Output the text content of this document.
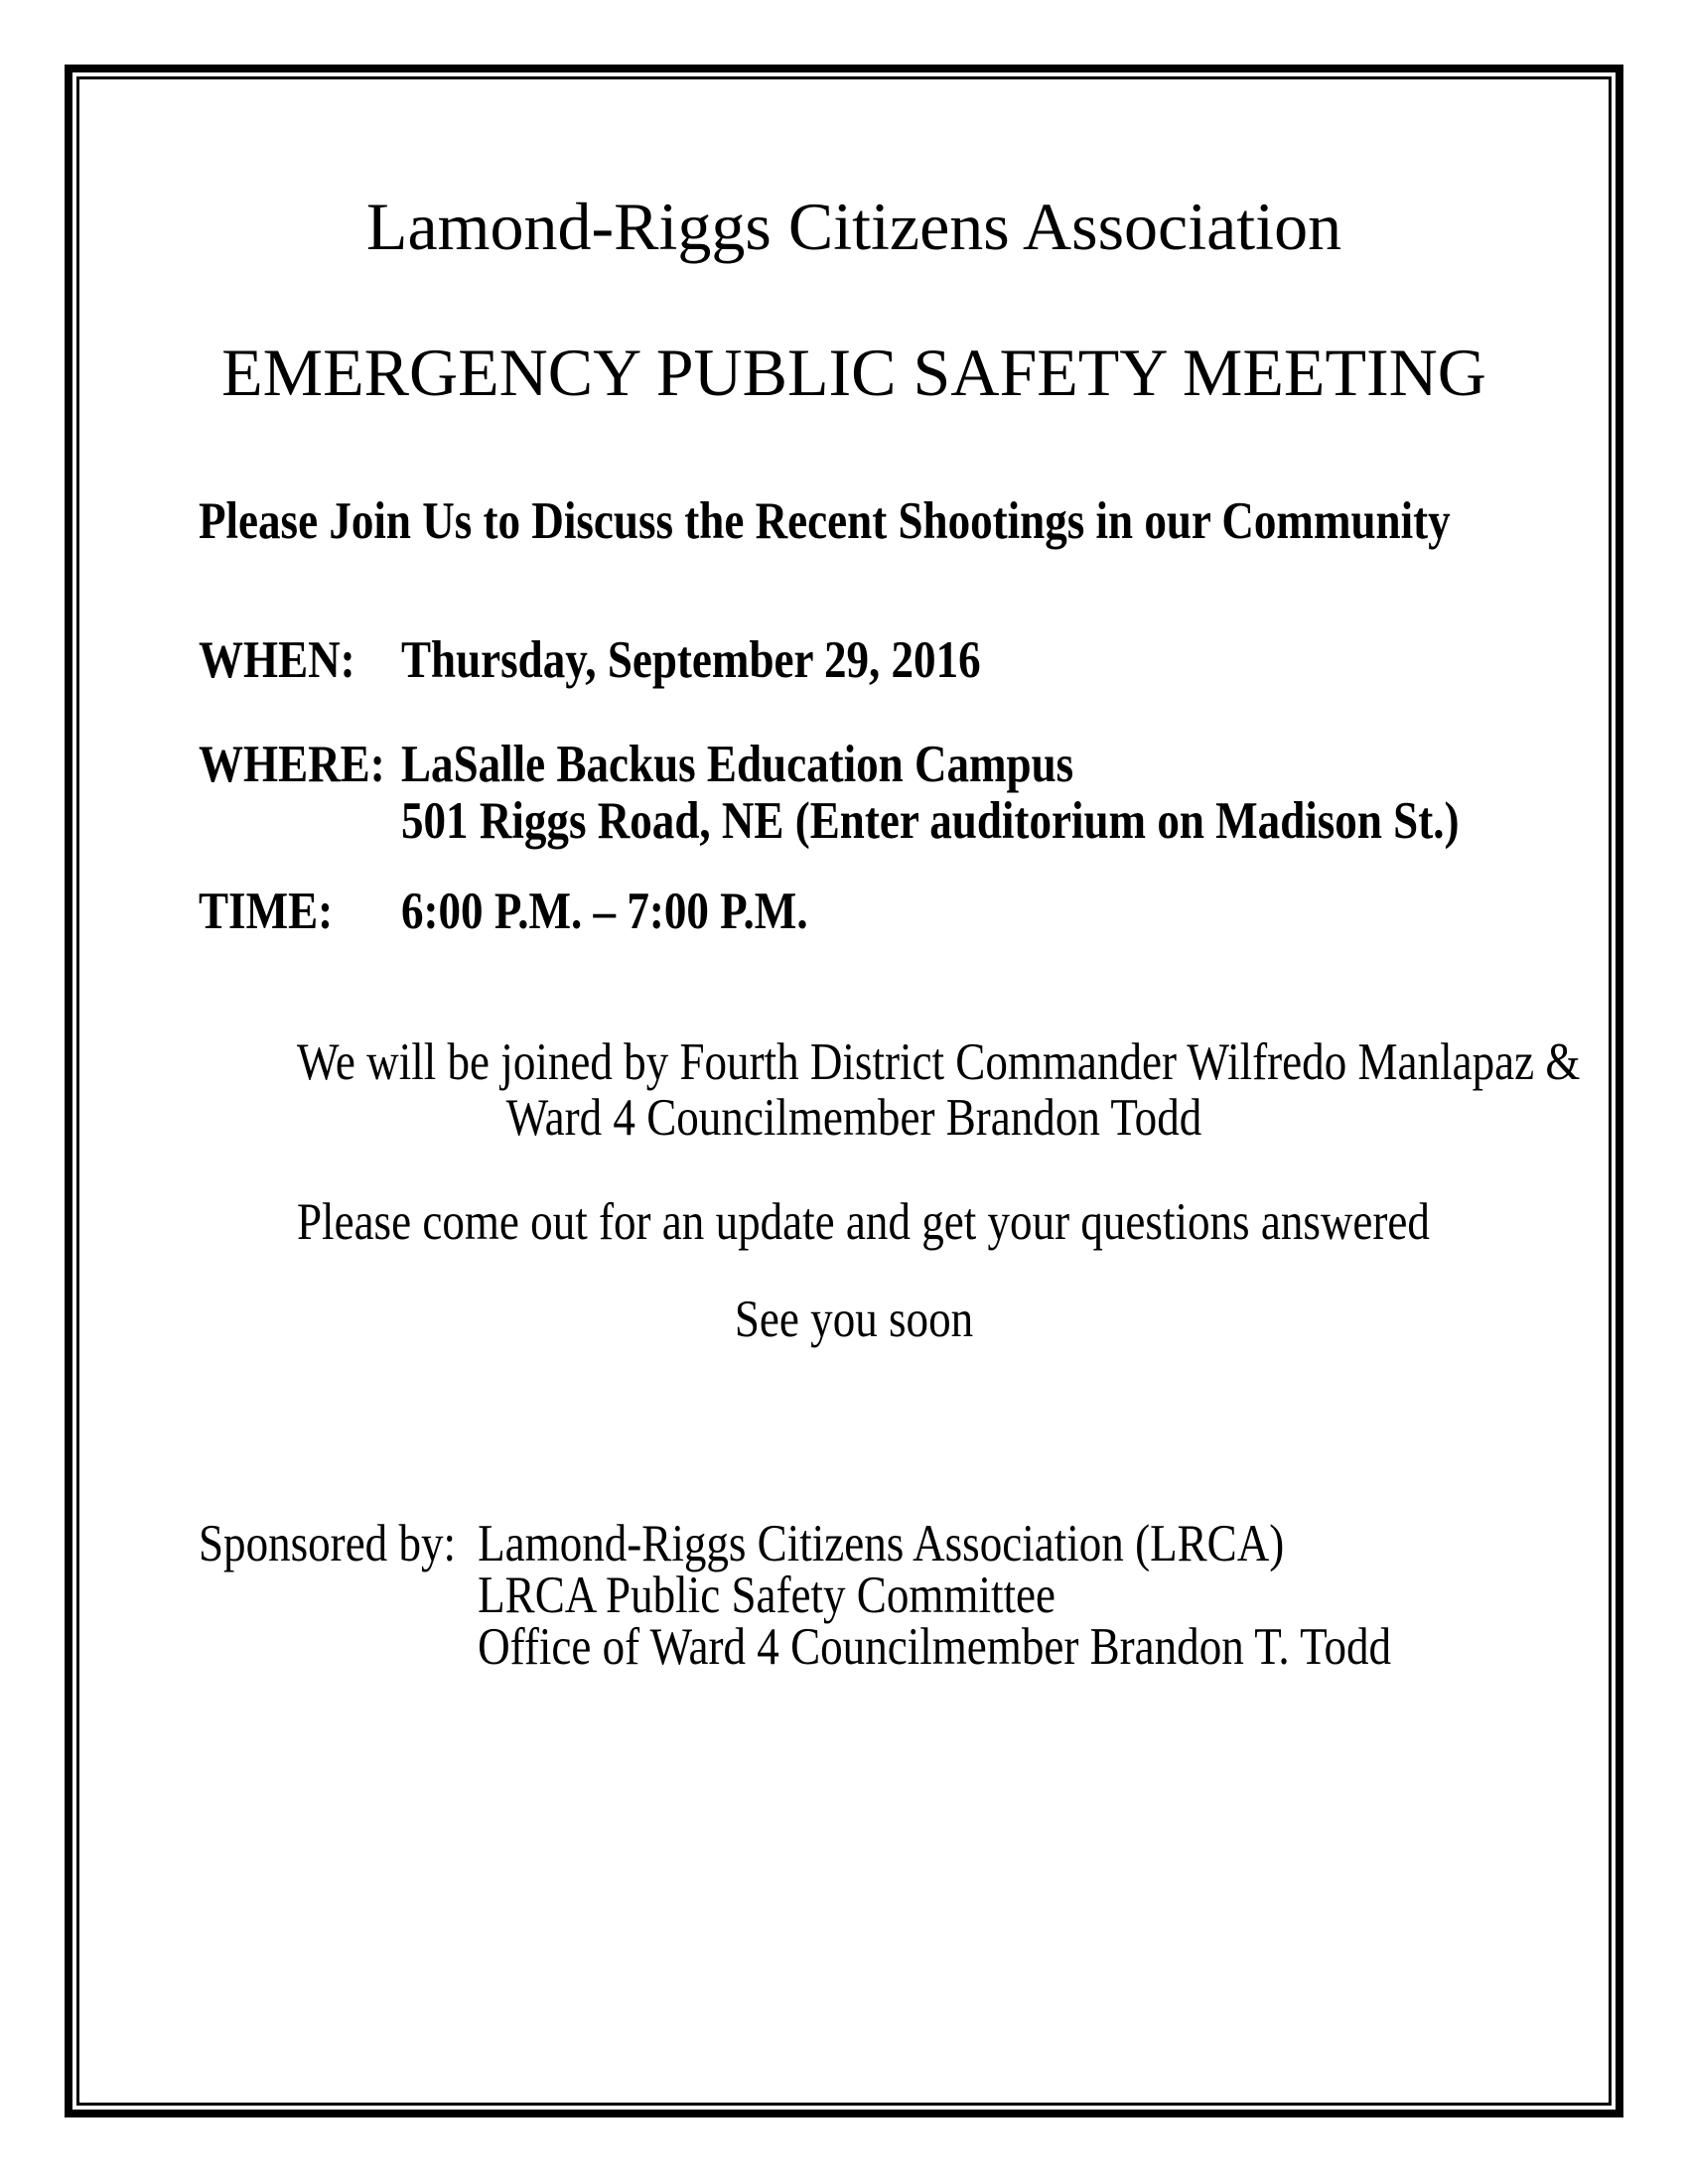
Lamond-Riggs Citizens Association
EMERGENCY PUBLIC SAFETY MEETING

Please Join Us to Discuss the Recent Shootings in our Community

WHEN: Thursday, September 29, 2016
WHERE: LaSalle Backus Education Campus
501 Riggs Road, NE (Enter auditorium on Madison St.)
TIME:	6:00 P.M. – 7:00 P.M.

We will be joined by Fourth District Commander Wilfredo Manlapaz &
Ward 4 Councilmember Brandon Todd

Please come out for an update and get your questions answered

See you soon

Sponsored by: Lamond-Riggs Citizens Association (LRCA)
LRCA Public Safety Committee
Office of Ward 4 Councilmember Brandon T. Todd
